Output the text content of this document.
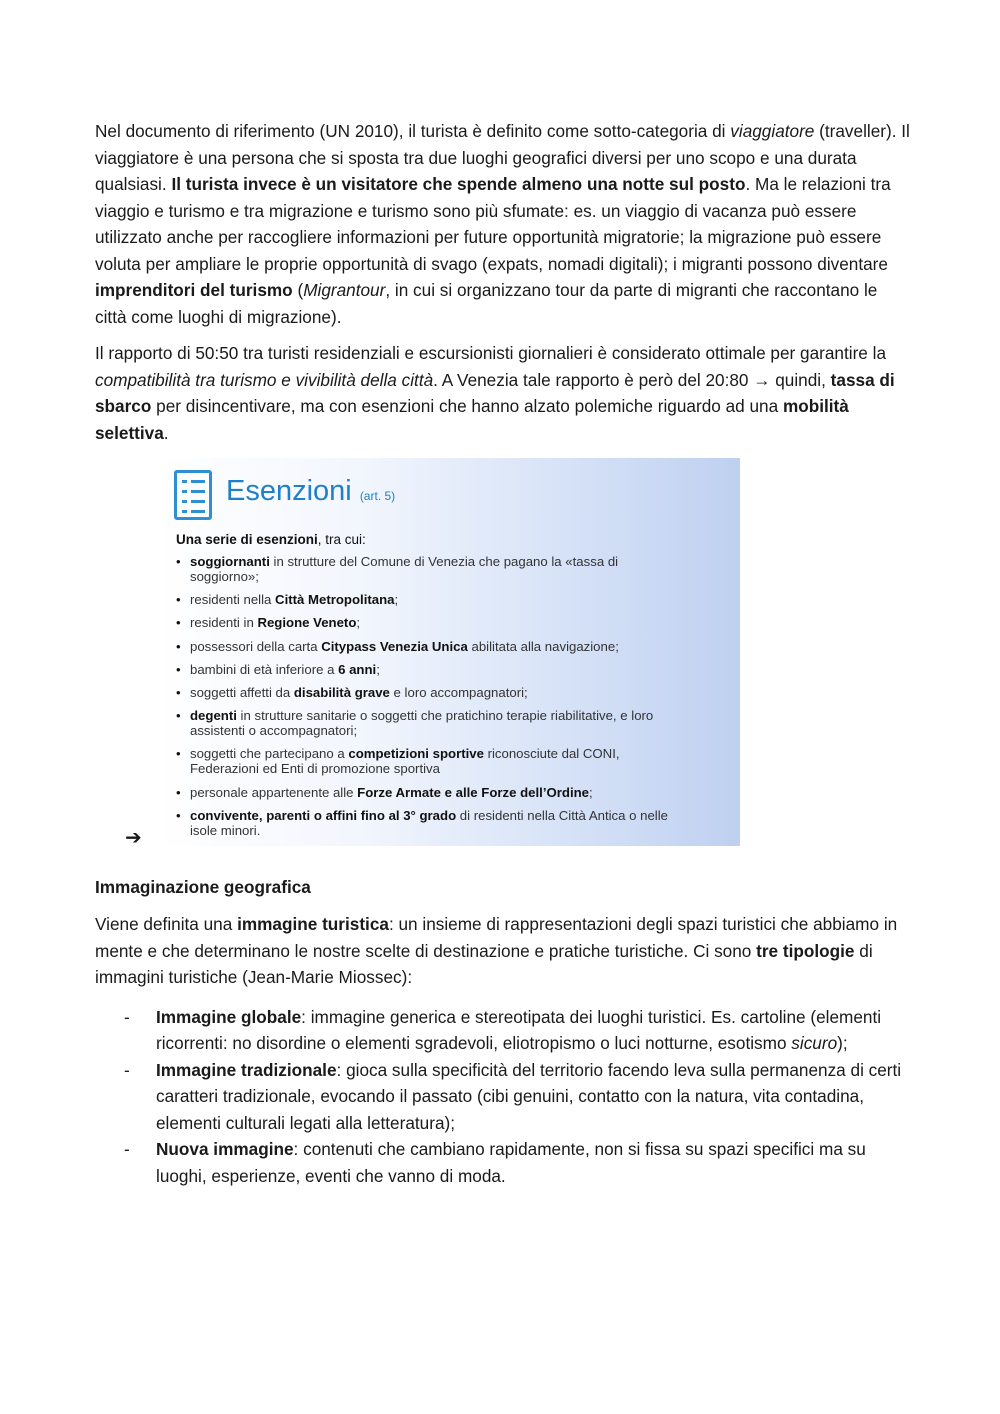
Nel documento di riferimento (UN 2010), il turista è definito come sotto-categoria di viaggiatore (traveller). Il viaggiatore è una persona che si sposta tra due luoghi geografici diversi per uno scopo e una durata qualsiasi. Il turista invece è un visitatore che spende almeno una notte sul posto. Ma le relazioni tra viaggio e turismo e tra migrazione e turismo sono più sfumate: es. un viaggio di vacanza può essere utilizzato anche per raccogliere informazioni per future opportunità migratorie; la migrazione può essere voluta per ampliare le proprie opportunità di svago (expats, nomadi digitali); i migranti possono diventare imprenditori del turismo (Migrantour, in cui si organizzano tour da parte di migranti che raccontano le città come luoghi di migrazione).

Il rapporto di 50:50 tra turisti residenziali e escursionisti giornalieri è considerato ottimale per garantire la compatibilità tra turismo e vivibilità della città. A Venezia tale rapporto è però del 20:80 → quindi, tassa di sbarco per disincentivare, ma con esenzioni che hanno alzato polemiche riguardo ad una mobilità selettiva.

➔
Esenzioni (art. 5)
Una serie di esenzioni, tra cui:
• soggiornanti in strutture del Comune di Venezia che pagano la «tassa di soggiorno»;
• residenti nella Città Metropolitana;
• residenti in Regione Veneto;
• possessori della carta Citypass Venezia Unica abilitata alla navigazione;
• bambini di età inferiore a 6 anni;
• soggetti affetti da disabilità grave e loro accompagnatori;
• degenti in strutture sanitarie o soggetti che pratichino terapie riabilitative, e loro assistenti o accompagnatori;
• soggetti che partecipano a competizioni sportive riconosciute dal CONI, Federazioni ed Enti di promozione sportiva
• personale appartenente alle Forze Armate e alle Forze dell’Ordine;
• convivente, parenti o affini fino al 3° grado di residenti nella Città Antica o nelle isole minori.
Immaginazione geografica

Viene definita una immagine turistica: un insieme di rappresentazioni degli spazi turistici che abbiamo in mente e che determinano le nostre scelte di destinazione e pratiche turistiche. Ci sono tre tipologie di immagini turistiche (Jean-Marie Miossec):

- Immagine globale: immagine generica e stereotipata dei luoghi turistici. Es. cartoline (elementi ricorrenti: no disordine o elementi sgradevoli, eliotropismo o luci notturne, esotismo sicuro);
- Immagine tradizionale: gioca sulla specificità del territorio facendo leva sulla permanenza di certi caratteri tradizionale, evocando il passato (cibi genuini, contatto con la natura, vita contadina, elementi culturali legati alla letteratura);
- Nuova immagine: contenuti che cambiano rapidamente, non si fissa su spazi specifici ma su luoghi, esperienze, eventi che vanno di moda.
